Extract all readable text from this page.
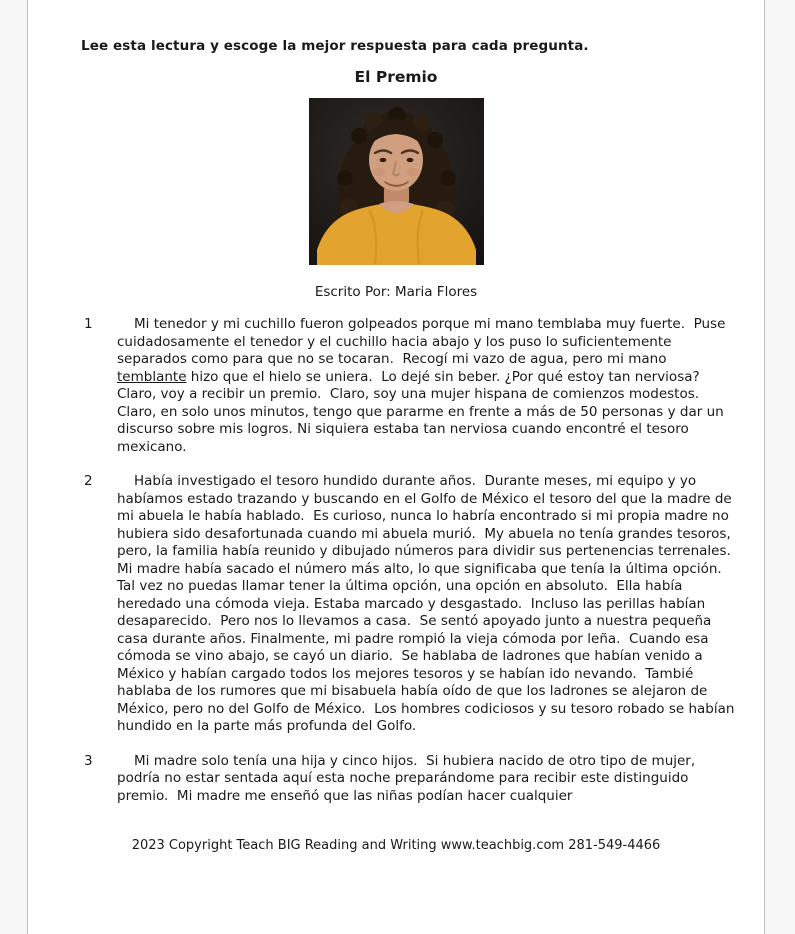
Lee esta lectura y escoge la mejor respuesta para cada pregunta.
El Premio
Escrito Por: Maria Flores
1	Mi tenedor y mi cuchillo fueron golpeados porque mi mano temblaba muy fuerte.  Puse cuidadosamente el tenedor y el cuchillo hacia abajo y los puso lo suficientemente separados como para que no se tocaran.  Recogí mi vazo de agua, pero mi mano temblante hizo que el hielo se uniera.  Lo dejé sin beber. ¿Por qué estoy tan nerviosa?  Claro, voy a recibir un premio.  Claro, soy una mujer hispana de comienzos modestos.  Claro, en solo unos minutos, tengo que pararme en frente a más de 50 personas y dar un discurso sobre mis logros. Ni siquiera estaba tan nerviosa cuando encontré el tesoro mexicano.
2	Había investigado el tesoro hundido durante años.  Durante meses, mi equipo y yo habíamos estado trazando y buscando en el Golfo de México el tesoro del que la madre de mi abuela le había hablado.  Es curioso, nunca lo habría encontrado si mi propia madre no hubiera sido desafortunada cuando mi abuela murió.  My abuela no tenía grandes tesoros, pero, la familia había reunido y dibujado números para dividir sus pertenencias terrenales.  Mi madre había sacado el número más alto, lo que significaba que tenía la última opción.  Tal vez no puedas llamar tener la última opción, una opción en absoluto.  Ella había heredado una cómoda vieja. Estaba marcado y desgastado.  Incluso las perillas habían desaparecido.  Pero nos lo llevamos a casa.  Se sentó apoyado junto a nuestra pequeña casa durante años. Finalmente, mi padre rompió la vieja cómoda por leña.  Cuando esa cómoda se vino abajo, se cayó un diario.  Se hablaba de ladrones que habían venido a México y habían cargado todos los mejores tesoros y se habían ido nevando.  Tambié hablaba de los rumores que mi bisabuela había oído de que los ladrones se alejaron de México, pero no del Golfo de México.  Los hombres codiciosos y su tesoro robado se habían hundido en la parte más profunda del Golfo.
3	Mi madre solo tenía una hija y cinco hijos.  Si hubiera nacido de otro tipo de mujer, podría no estar sentada aquí esta noche preparándome para recibir este distinguido premio.  Mi madre me enseñó que las niñas podían hacer cualquier
2023 Copyright Teach BIG Reading and Writing www.teachbig.com 281-549-4466
